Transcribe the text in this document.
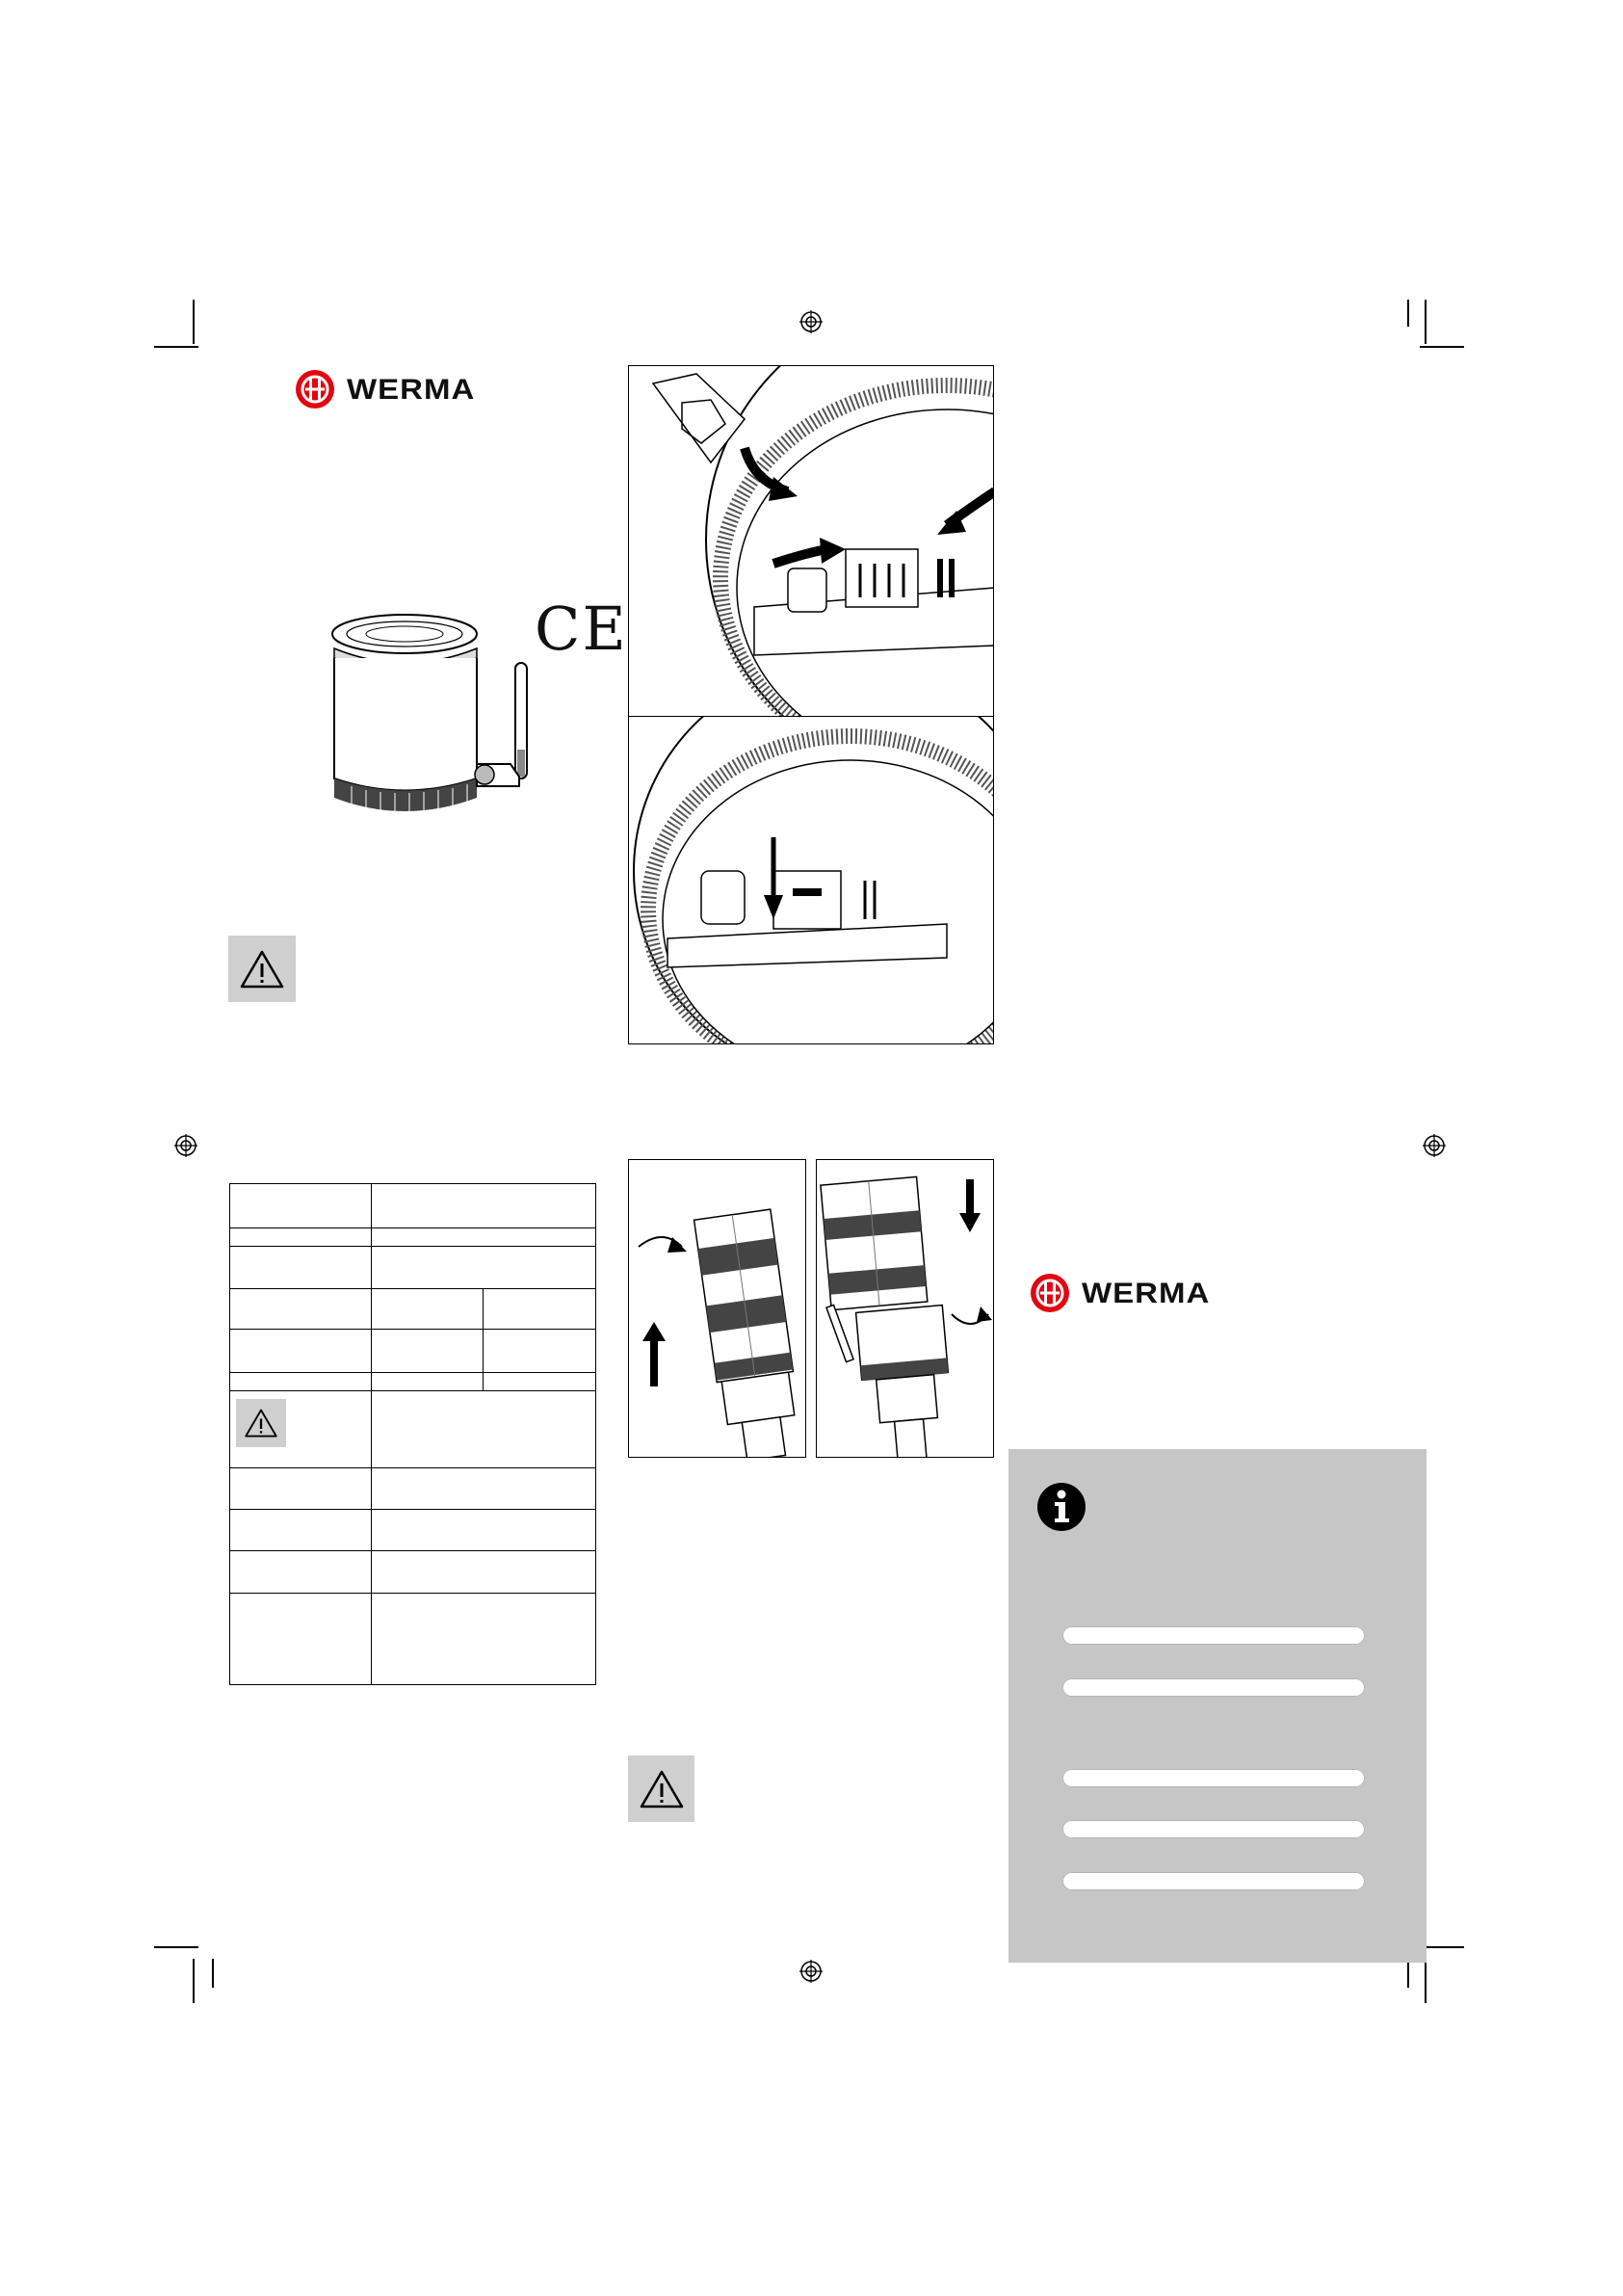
WERMA
CE

WERMA
